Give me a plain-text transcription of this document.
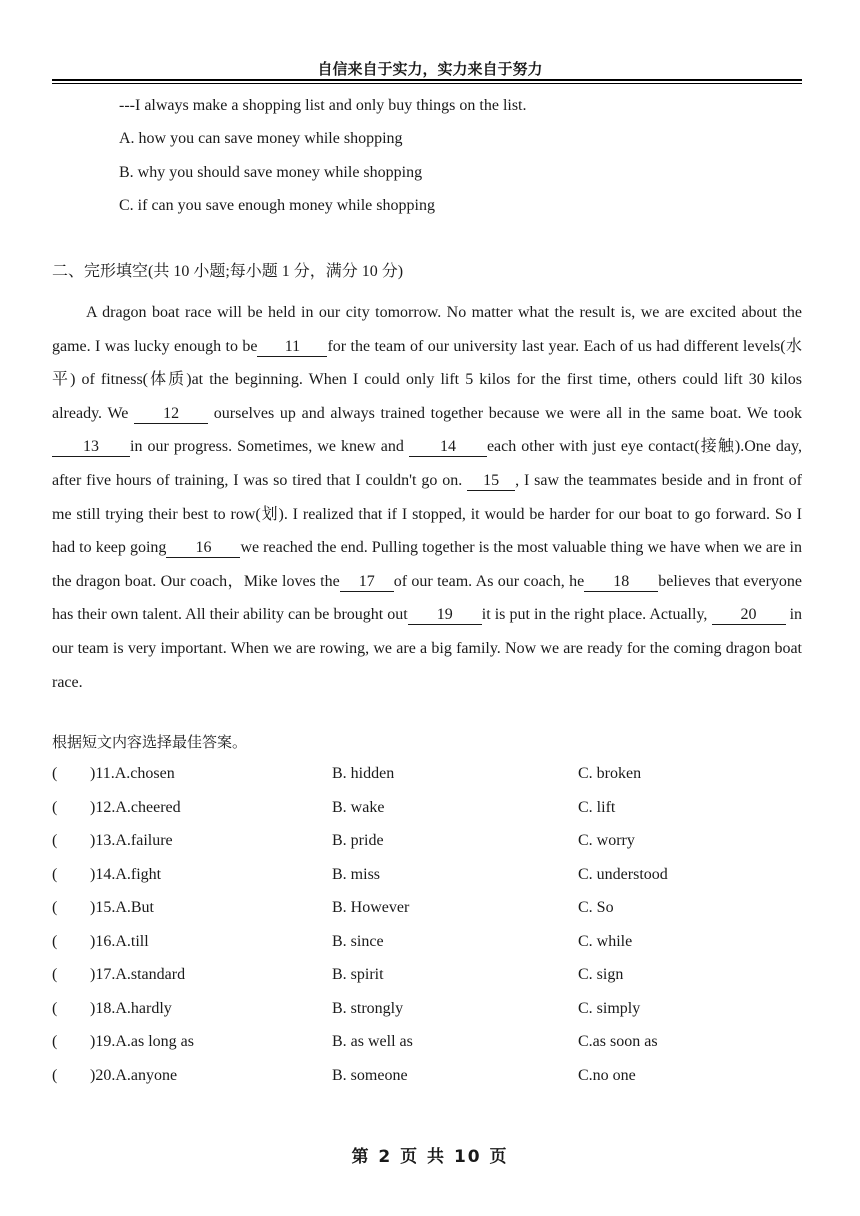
自信来自于实力，实力来自于努力
---I always make a shopping list and only buy things on the list.
A. how you can save money while shopping
B. why you should save money while shopping
C. if can you save enough money while shopping
二、完形填空(共 10 小题;每小题 1 分，满分 10 分)
A dragon boat race will be held in our city tomorrow. No matter what the result is, we are excited about the game. I was lucky enough to be 11 for the team of our university last year. Each of us had different levels(水平) of fitness(体质)at the beginning. When I could only lift 5 kilos for the first time, others could lift 30 kilos already. We 12 ourselves up and always trained together because we were all in the same boat. We took13 in our progress. Sometimes, we knew and 14 each other with just eye contact(接触).One day, after five hours of training, I was so tired that I couldn't go on. 15 , I saw the teammates beside and in front of me still trying their best to row(划). I realized that if I stopped, it would be harder for our boat to go forward. So I had to keep going 16 we reached the end. Pulling together is the most valuable thing we have when we are in the dragon boat. Our coach，Mike loves the 17 of our team. As our coach, he 18 believes that everyone has their own talent. All their ability can be brought out 19 it is put in the right place. Actually, 20 in our team is very important. When we are rowing, we are a big family. Now we are ready for the coming dragon boat race.
根据短文内容选择最佳答案。
( )11.A.chosen	B. hidden	C. broken
( )12.A.cheered	B. wake	C. lift
( )13.A.failure	B. pride	C. worry
( )14.A.fight	B. miss	C. understood
( )15.A.But	B. However	C. So
( )16.A.till	B. since	C. while
( )17.A.standard	B. spirit	C. sign
( )18.A.hardly	B. strongly	C. simply
( )19.A.as long as	B. as well as	C.as soon as
( )20.A.anyone	B. someone	C.no one
第 2 页 共 10 页
